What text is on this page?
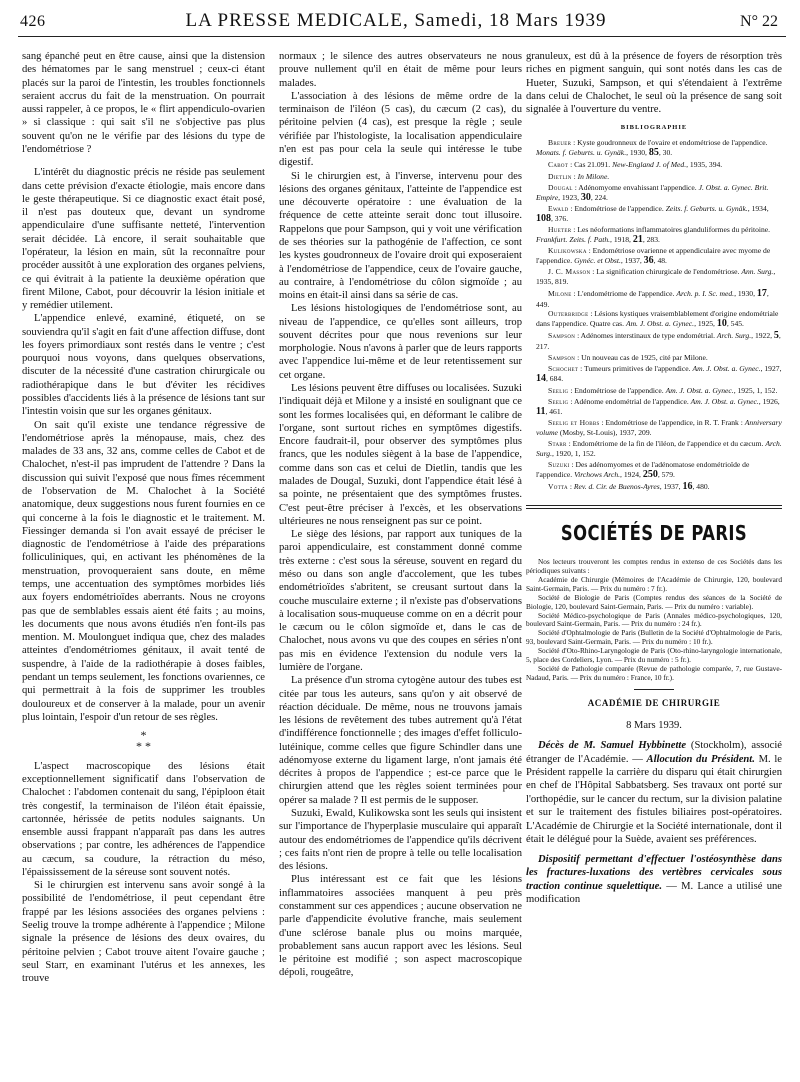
426	LA PRESSE MEDICALE, Samedi, 18 Mars 1939	N° 22

sang épanché peut en être cause, ainsi que la distension des hématomes par le sang menstruel ; ceux-ci étant placés sur la paroi de l'intestin, les troubles fonctionnels seraient accrus du fait de la menstruation. On pourrait aussi rappeler, à ce propos, le « flirt appendiculo-ovarien » si classique : qui sait s'il ne s'objective pas plus souvent qu'on ne le vérifie par des lésions du type de l'endométriose ?

L'intérêt du diagnostic précis ne réside pas seulement dans cette prévision d'exacte étiologie, mais encore dans le geste thérapeutique. Si ce diagnostic exact était posé, il n'est pas douteux que, devant un syndrome appendiculaire d'une suffisante netteté, l'intervention serait décidée. Là encore, il serait souhaitable que l'opérateur, la lésion en main, sût la reconnaître pour procéder aussitôt à une exploration des organes pelviens, ce qui évitrait à la patiente la deuxième opération que firent Milone, Cabot, pour découvrir la lésion initiale et y remédier utilement.

L'appendice enlevé, examiné, étiqueté, on se souviendra qu'il s'agit en fait d'une affection diffuse, dont les foyers primordiaux sont restés dans le ventre ; c'est pourquoi nous voyons, dans quelques observations, discuter de la nécessité d'une castration chirurgicale ou radiothérapique dans le but d'éviter les récidives possibles d'accidents liés à la présence de lésions tant sur l'intestin voisin que sur les organes génitaux.

On sait qu'il existe une tendance régressive de l'endométriose après la ménopause, mais, chez des malades de 33 ans, 32 ans, comme celles de Cabot et de Chalochet, n'est-il pas imprudent de l'attendre ? Dans la discussion qui suivit l'exposé que nous fîmes récemment de l'observation de M. Chalochet à la Société anatomique, deux suggestions nous furent fournies en ce qui concerne à la fois le diagnostic et le traitement. M. Fiessinger demanda si l'on avait essayé de préciser le diagnostic de l'endométriose à l'aide des préparations folliculiniques, qui, en activant les phénomènes de la menstruation, provoqueraient sans doute, en même temps, une accentuation des symptômes morbides liés aux foyers endométrioïdes aberrants. Nous ne croyons pas que de semblables essais aient été faits ; au moins, les documents que nous avons étudiés n'en font-ils pas mention. M. Moulonguet indiqua que, chez des malades atteintes d'endométriomes génitaux, il avait tenté de suspendre, à l'aide de la radiothérapie à doses faibles, pendant un temps seulement, les fonctions ovariennes, ce qui permettrait à la fois de supprimer les troubles douloureux et de conserver à la malade, pour un avenir plus lointain, l'espoir d'un retour de ses règles.

*
* *

L'aspect macroscopique des lésions était exceptionnellement significatif dans l'observation de Chalochet : l'abdomen contenait du sang, l'épiploon était très congestif, la terminaison de l'iléon était épaissie, cartonnée, hérissée de petits nodules saignants. Un ensemble aussi frappant n'apparaît pas dans les autres observations ; par contre, les adhérences de l'appendice au cæcum, sa coudure, la rétraction du méso, l'épaississement de la séreuse sont souvent notés.

Si le chirurgien est intervenu sans avoir songé à la possibilité de l'endométriose, il peut cependant être frappé par les lésions associées des organes pelviens : Seelig trouve la trompe adhérente à l'appendice ; Milone signale la présence de lésions des deux ovaires, du péritoine pelvien ; Cabot trouve aitent l'ovaire gauche ; seul Starr, en examinant l'utérus et les annexes, les trouve

normaux ; le silence des autres observateurs ne nous prouve nullement qu'il en était de même pour leurs malades.

L'association à des lésions de même ordre de la terminaison de l'iléon (5 cas), du cæcum (2 cas), du péritoine pelvien (4 cas), est presque la règle ; seule vérifiée par l'histologiste, la localisation appendiculaire n'en est pas pour cela la seule qui intéresse le tube digestif.

Si le chirurgien est, à l'inverse, intervenu pour des lésions des organes génitaux, l'atteinte de l'appendice est une découverte opératoire : une évaluation de la fréquence de cette atteinte serait donc tout illusoire. Rappelons que pour Sampson, qui y voit une vérification de ses théories sur la pathogénie de l'affection, ce sont les kystes goudronneux de l'ovaire droit qui exposeraient à l'endométriose de l'appendice, ceux de l'ovaire gauche, au contraire, à l'endométriose du côlon sigmoïde ; au moins en était-il ainsi dans sa série de cas.

Les lésions histologiques de l'endométriose sont, au niveau de l'appendice, ce qu'elles sont ailleurs, trop souvent décrites pour que nous revenions sur leur morphologie. Nous n'avons à parler que de leurs rapports avec l'appendice lui-même et de leur retentissement sur cet organe.

Les lésions peuvent être diffuses ou localisées. Suzuki l'indiquait déjà et Milone y a insisté en soulignant que ce sont les formes localisées qui, en déformant le calibre de l'organe, sont surtout riches en symptômes digestifs. Encore faudrait-il, pour observer des symptômes plus francs, que les nodules siègent à la base de l'appendice, comme dans son cas et celui de Dietlin, tandis que les malades de Dougal, Suzuki, dont l'appendice était lésé à sa pointe, ne présentaient que des symptômes frustes. C'est peut-être préciser à l'excès, et les observations ultérieures ne nous renseignent pas sur ce point.

Le siège des lésions, par rapport aux tuniques de la paroi appendiculaire, est constamment donné comme très externe : c'est sous la séreuse, souvent en regard du méso ou dans son angle d'accolement, que les tubes endométrioïdes s'abritent, se creusant surtout dans la couche musculaire externe ; il n'existe pas d'observations à localisation sous-muqueuse comme on en a décrit pour le cæcum ou le côlon sigmoïde et, dans le cas de Chalochet, nous avons vu que des coupes en séries n'ont pas mis en évidence l'extension du nodule vers la lumière de l'organe.

La présence d'un stroma cytogène autour des tubes est citée par tous les auteurs, sans qu'on y ait observé de réaction déciduale. De même, nous ne trouvons jamais les lésions de revêtement des tubes autrement qu'à l'état d'indifférence fonctionnelle ; des images d'effet folliculo-lutéinique, comme celles que figure Schindler dans une adénomyose externe du ligament large, n'ont jamais été décrites à propos de l'appendice ; est-ce parce que le chirurgien attend que les règles soient terminées pour opérer sa malade ? Il est permis de le supposer.

Suzuki, Ewald, Kulikowska sont les seuls qui insistent sur l'importance de l'hyperplasie musculaire qui apparaît autour des endométriomes de l'appendice qu'ils décrivent ; ces faits n'ont rien de propre à telle ou telle localisation des lésions.

Plus intéressant est ce fait que les lésions inflammatoires associées manquent à peu près constamment sur ces appendices ; aucune observation ne parle d'appendicite évolutive franche, mais seulement d'une sclérose banale plus ou moins marquée, probablement sans aucun rapport avec les lésions. Seul le péritoine est modifié ; son aspect macroscopique dépoli, rougeâtre,

granuleux, est dû à la présence de foyers de résorption très riches en pigment sanguin, qui sont notés dans les cas de Hueter, Suzuki, Sampson, et qui s'étendaient à l'extrême dans celui de Chalochet, le seul où la présence de sang soit signalée à l'ouverture du ventre.

BIBLIOGRAPHIE

Breuer : Kyste goudronneux de l'ovaire et endométriose de l'appendice. Monats. f. Geburts. u. Gynäk., 1930, 85, 30.

Cabot : Cas 21.091. New-England J. of Med., 1935, 394.

Dietlin : In Milone.

Dougal : Adénomyome envahissant l'appendice. J. Obst. a. Gynec. Brit. Empire, 1923, 30, 224.

Ewald : Endométriose de l'appendice. Zeits. f. Geburts. u. Gynäk., 1934, 108, 376.

Hueter : Les néoformations inflammatoires glanduliformes du péritoine. Frankfurt. Zeits. f. Path., 1918, 21, 283.

Kulikowska : Endométriose ovarienne et appendiculaire avec myome de l'appendice. Gynéc. et Obst., 1937, 36, 48.

J. C. Masson : La signification chirurgicale de l'endométriose. Ann. Surg., 1935, 819.

Milone : L'endométriome de l'appendice. Arch. p. I. Sc. med., 1930, 17, 449.

Outerbridge : Lésions kystiques vraisemblablement d'origine endométriale dans l'appendice. Quatre cas. Am. J. Obst. a. Gynec., 1925, 10, 545.

Sampson : Adénomes interstinaux de type endométrial. Arch. Surg., 1922, 5, 217.

Sampson : Un nouveau cas de 1925, cité par Milone.

Schochet : Tumeurs primitives de l'appendice. Am. J. Obst. a. Gynec., 1927, 14, 684.

Seelig : Endométriose de l'appendice. Am. J. Obst. a. Gynec., 1925, 1, 152.

Seelig : Adénome endométrial de l'appendice. Am. J. Obst. a. Gynec., 1926, 11, 461.

Seelig et Hobbs : Endométriose de l'appendice, in R. T. Frank : Anniversary volume (Mosby, St-Louis), 1937, 209.

Starr : Endométriome de la fin de l'iléon, de l'appendice et du cæcum. Arch. Surg., 1920, 1, 152.

Suzuki : Des adénomyomes et de l'adénomatose endométrioïde de l'appendice. Virchows Arch., 1924, 250, 579.

Votta : Rev. d. Cir. de Buenos-Ayres, 1937, 16, 480.

SOCIÉTÉS DE PARIS

Nos lecteurs trouveront les comptes rendus in extenso de ces Sociétés dans les périodiques suivants :

Académie de Chirurgie (Mémoires de l'Académie de Chirurgie, 120, boulevard Saint-Germain, Paris. — Prix du numéro : 7 fr.).

Société de Biologie de Paris (Comptes rendus des séances de la Société de Biologie, 120, boulevard Saint-Germain, Paris. — Prix du numéro : variable).

Société Médico-psychologique de Paris (Annales médico-psychologiques, 120, boulevard Saint-Germain, Paris. — Prix du numéro : 24 fr.).

Société d'Ophtalmologie de Paris (Bulletin de la Société d'Ophtalmologie de Paris, 93, boulevard Saint-Germain, Paris. — Prix du numéro : 10 fr.).

Société d'Oto-Rhino-Laryngologie de Paris (Oto-rhino-laryngologie internationale, 5, place des Cordeliers, Lyon. — Prix du numéro : 5 fr.).

Société de Pathologie comparée (Revue de pathologie comparée, 7, rue Gustave-Nadaud, Paris. — Prix du numéro : France, 10 fr.).

ACADÉMIE DE CHIRURGIE
8 Mars 1939.

Décès de M. Samuel Hybbinette (Stockholm), associé étranger de l'Académie. — Allocution du Président. M. le Président rappelle la carrière du disparu qui était chirurgien en chef de l'Hôpital Sabbatsberg. Ses travaux ont porté sur l'orthopédie, sur le cancer du rectum, sur la division palatine et sur le traitement des fistules biliaires post-opératoires. L'Académie de Chirurgie et la Société internationale, dont il était le délégué pour la Suède, avaient ses préférences.

Dispositif permettant d'effectuer l'ostéosynthèse dans les fractures-luxations des vertèbres cervicales sous traction continue squelettique. — M. Lance a utilisé une modification
